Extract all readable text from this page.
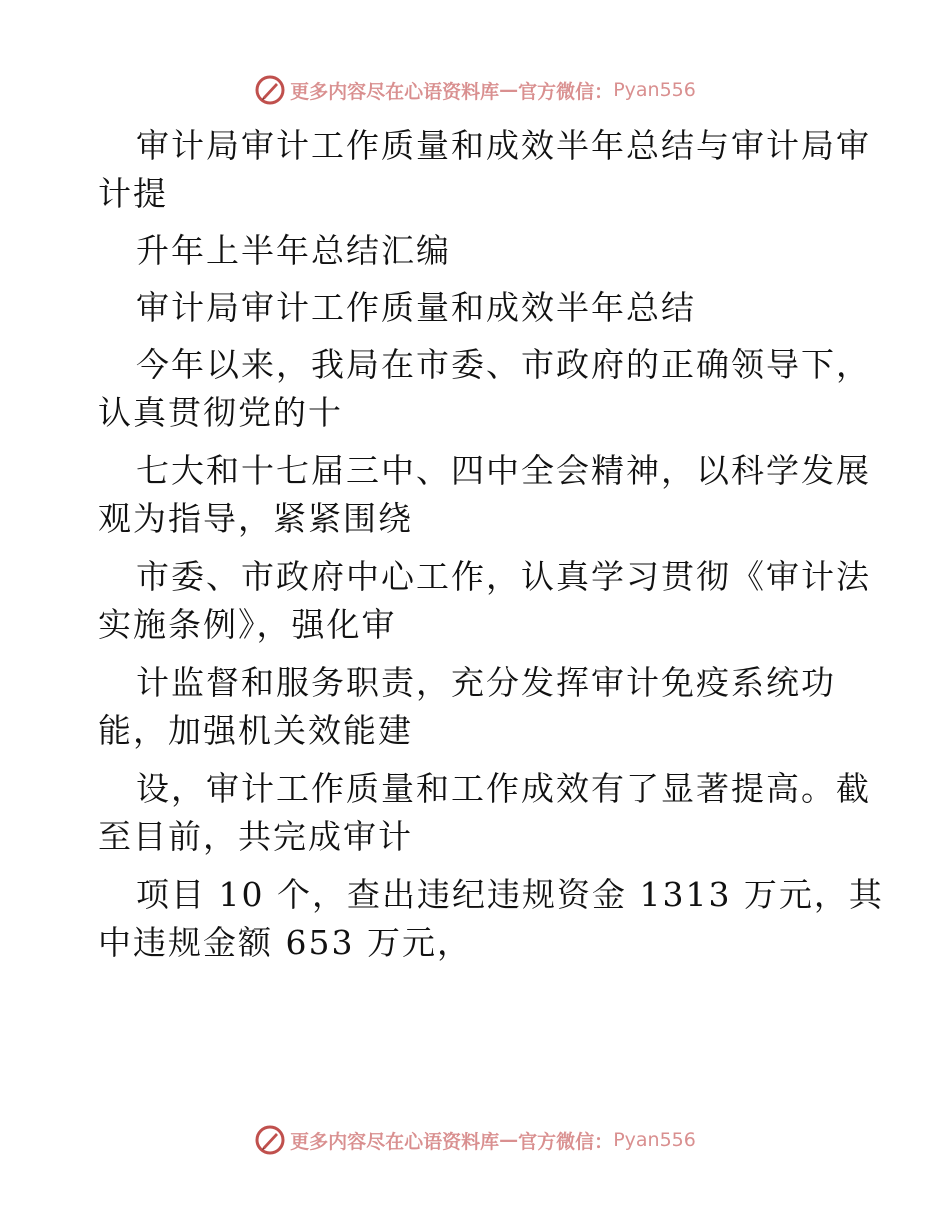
更多内容尽在心语资料库 — 官方微信： Pyan556
审计局审计工作质量和成效半年总结与审计局审
计提
升年上半年总结汇编
审计局审计工作质量和成效半年总结
今年以来，我局在市委、市政府的正确领导下，
认真贯彻党的十
七大和十七届三中、四中全会精神，以科学发展
观为指导，紧紧围绕
市委、市政府中心工作，认真学习贯彻《审计法
实施条例》，强化审
计监督和服务职责，充分发挥审计免疫系统功
能，加强机关效能建
设，审计工作质量和工作成效有了显著提高。截
至目前，共完成审计
项目 10 个，查出违纪违规资金 1313 万元，其
中违规金额 653 万元，
更多内容尽在心语资料库 — 官方微信： Pyan556
